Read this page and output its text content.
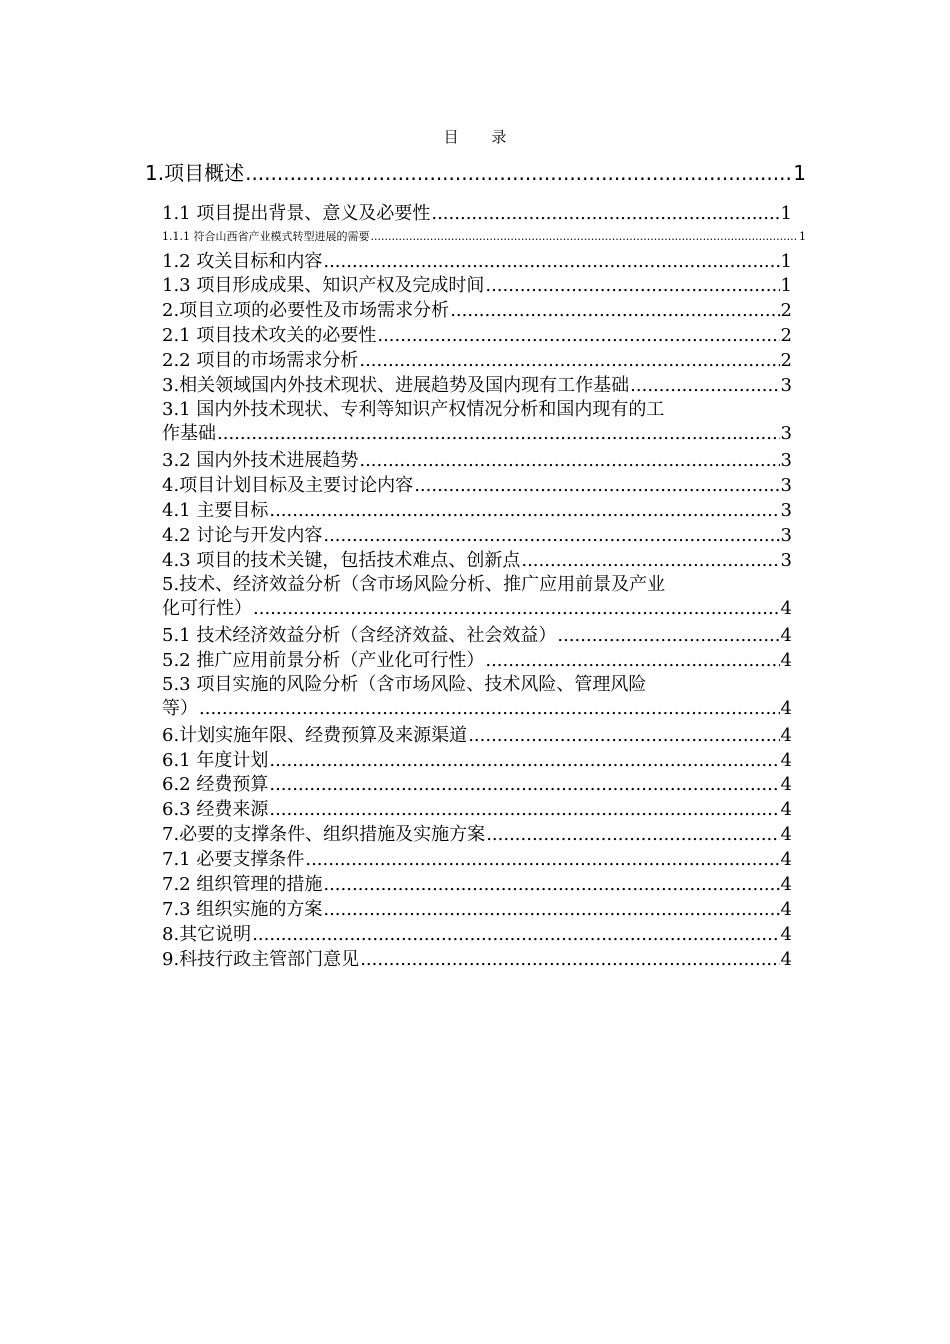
目 录
1.项目概述 .....	1
1.1 项目提出背景、意义及必要性 .....	1
1.1.1 符合山西省产业模式转型进展的需要 .....	1
1.2 攻关目标和内容 .....	1
1.3 项目形成成果、知识产权及完成时间 .....	1
2.项目立项的必要性及市场需求分析 .....	2
2.1 项目技术攻关的必要性 .....	2
2.2 项目的市场需求分析 .....	2
3.相关领域国内外技术现状、进展趋势及国内现有工作基础 .....	3
3.1 国内外技术现状、专利等知识产权情况分析和国内现有的工
作基础 .....	3
3.2 国内外技术进展趋势 .....	3
4.项目计划目标及主要讨论内容 .....	3
4.1 主要目标 .....	3
4.2 讨论与开发内容 .....	3
4.3 项目的技术关键，包括技术难点、创新点 .....	3
5.技术、经济效益分析（含市场风险分析、推广应用前景及产业
化可行性） .....	4
5.1 技术经济效益分析（含经济效益、社会效益） .....	4
5.2 推广应用前景分析（产业化可行性） .....	4
5.3 项目实施的风险分析（含市场风险、技术风险、管理风险
等） .....	4
6.计划实施年限、经费预算及来源渠道 .....	4
6.1 年度计划 .....	4
6.2 经费预算 .....	4
6.3 经费来源 .....	4
7.必要的支撑条件、组织措施及实施方案 .....	4
7.1 必要支撑条件 .....	4
7.2 组织管理的措施 .....	4
7.3 组织实施的方案 .....	4
8.其它说明 .....	4
9.科技行政主管部门意见 .....	4
